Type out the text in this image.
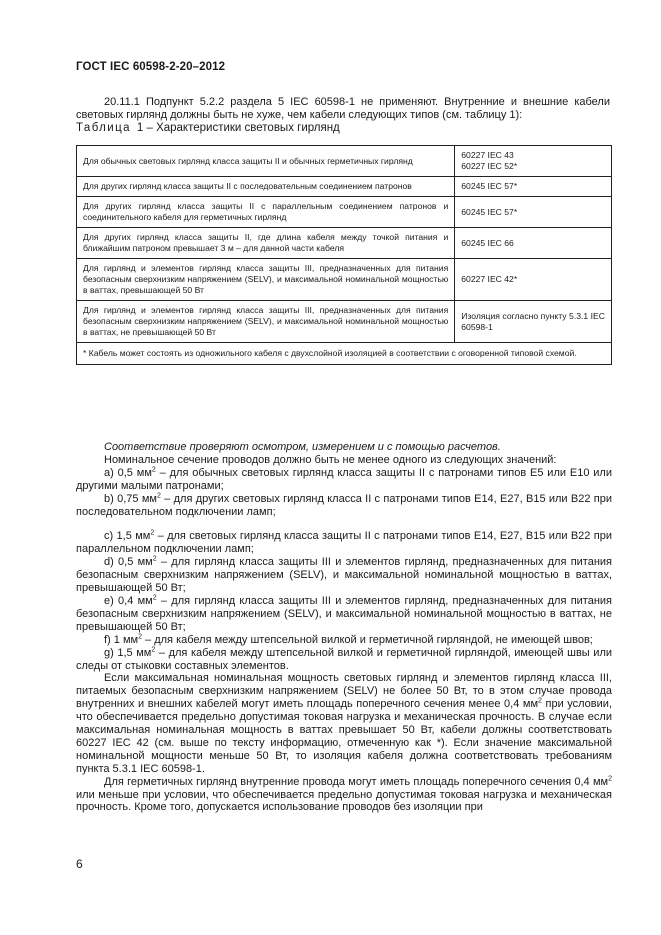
ГОСТ IEC 60598-2-20–2012

20.11.1 Подпункт 5.2.2 раздела 5 IEC 60598-1 не применяют. Внутренние и внешние кабели световых гирлянд должны быть не хуже, чем кабели следующих типов (см. таблицу 1):

Таблица 1 – Характеристики световых гирлянд
Для обычных световых гирлянд класса защиты II и обычных герметичных гирлянд	60227 IEC 43
60227 IEC 52*
Для других гирлянд класса защиты II с последовательным соединением патронов	60245 IEC 57*
Для других гирлянд класса защиты II с параллельным соединением патронов и соединительного кабеля для герметичных гирлянд	60245 IEC 57*
Для других гирлянд класса защиты II, где длина кабеля между точкой питания и ближайшим патроном превышает 3 м – для данной части кабеля	60245 IEC 66
Для гирлянд и элементов гирлянд класса защиты III, предназначенных для питания безопасным сверхнизким напряжением (SELV), и максимальной номинальной мощностью в ваттах, превышающей 50 Вт	60227 IEC 42*
Для гирлянд и элементов гирлянд класса защиты III, предназначенных для питания безопасным сверхнизким напряжением (SELV), и максимальной номинальной мощностью в ваттах, не превышающей 50 Вт	Изоляция согласно пункту 5.3.1 IEC 60598-1
* Кабель может состоять из одножильного кабеля с двухслойной изоляцией в соответствии с оговоренной типовой схемой.	

Соответствие проверяют осмотром, измерением и с помощью расчетов.

Номинальное сечение проводов должно быть не менее одного из следующих значений:

a) 0,5 $мм^2$ – для обычных световых гирлянд класса защиты II с патронами типов Е5 или Е10 или другими малыми патронами;

b) 0,75 $мм^2$ – для других световых гирлянд класса II с патронами типов Е14, Е27, В15 или В22 при последовательном подключении ламп;

c) 1,5 $мм^2$ – для световых гирлянд класса защиты II с патронами типов Е14, Е27, В15 или В22 при параллельном подключении ламп;

d) 0,5 $мм^2$ – для гирлянд класса защиты III и элементов гирлянд, предназначенных для питания безопасным сверхнизким напряжением (SELV), и максимальной номинальной мощностью в ваттах, превышающей 50 Вт;

e) 0,4 $мм^2$ – для гирлянд класса защиты III и элементов гирлянд, предназначенных для питания безопасным сверхнизким напряжением (SELV), и максимальной номинальной мощностью в ваттах, не превышающей 50 Вт;

f) 1 $мм^2$ – для кабеля между штепсельной вилкой и герметичной гирляндой, не имеющей швов;

g) 1,5 $мм^2$ – для кабеля между штепсельной вилкой и герметичной гирляндой, имеющей швы или следы от стыковки составных элементов.

Если максимальная номинальная мощность световых гирлянд и элементов гирлянд класса III, питаемых безопасным сверхнизким напряжением (SELV) не более 50 Вт, то в этом случае провода внутренних и внешних кабелей могут иметь площадь поперечного сечения менее 0,4 $мм^2$ при условии, что обеспечивается предельно допустимая токовая нагрузка и механическая прочность. В случае если максимальная номинальная мощность в ваттах превышает 50 Вт, кабели должны соответствовать 60227 IEC 42 (см. выше по тексту информацию, отмеченную как *). Если значение максимальной номинальной мощности меньше 50 Вт, то изоляция кабеля должна соответствовать требованиям пункта 5.3.1 IEC 60598-1.

Для герметичных гирлянд внутренние провода могут иметь площадь поперечного сечения 0,4 $мм^2$ или меньше при условии, что обеспечивается предельно допустимая токовая нагрузка и механическая прочность. Кроме того, допускается использование проводов без изоляции при

6
